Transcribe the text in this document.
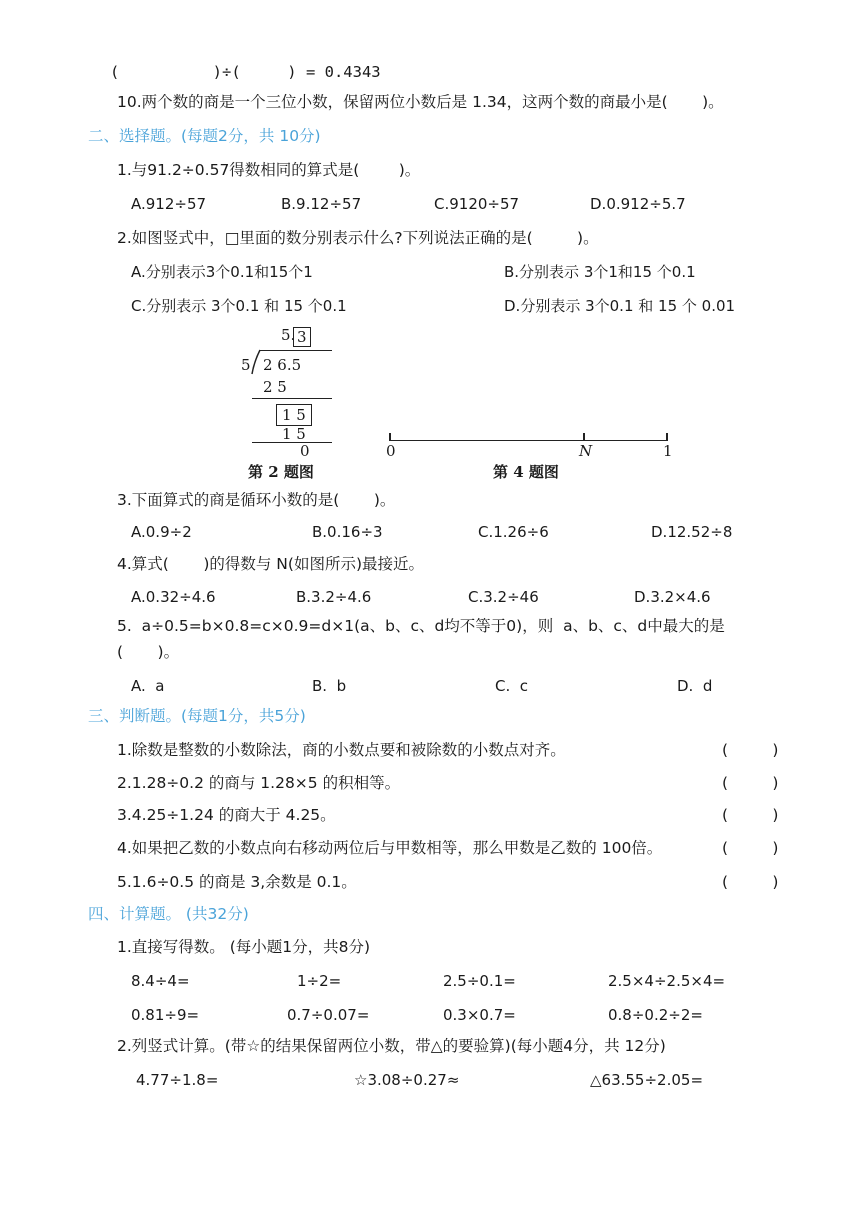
(          )÷(     ) = 0.4343
10.两个数的商是一个三位小数，保留两位小数后是 1.34，这两个数的商最小是(       )。
二、选择题。(每题2分，共 10分)
1.与91.2÷0.57得数相同的算式是(        )。
A.912÷57	B.9.12÷57	C.9120÷57	D.0.912÷5.7
2.如图竖式中，□里面的数分别表示什么?下列说法正确的是(         )。
A.分别表示3个0.1和15个1	B.分别表示 3个1和15 个0.1
C.分别表示 3个0.1 和 15 个0.1	D.分别表示 3个0.1 和 15 个 0.01
5. 3
5 2 6.5
2 5
1 5
1 5
0
第 2 题图
0	N	1
第 4 题图
3.下面算式的商是循环小数的是(       )。
A.0.9÷2	B.0.16÷3	C.1.26÷6	D.12.52÷8
4.算式(       )的得数与 N(如图所示)最接近。
A.0.32÷4.6	B.3.2÷4.6	C.3.2÷46	D.3.2×4.6
5.  a÷0.5=b×0.8=c×0.9=d×1(a、b、c、d均不等于0)，则  a、b、c、d中最大的是
(       )。
A.  a	B.  b	C.  c	D.  d
三、判断题。(每题1分，共5分)
1.除数是整数的小数除法，商的小数点要和被除数的小数点对齐。	(         )
2.1.28÷0.2 的商与 1.28×5 的积相等。	(         )
3.4.25÷1.24 的商大于 4.25。	(         )
4.如果把乙数的小数点向右移动两位后与甲数相等，那么甲数是乙数的 100倍。	(         )
5.1.6÷0.5 的商是 3,余数是 0.1。	(         )
四、计算题。 (共32分)
1.直接写得数。 (每小题1分，共8分)
8.4÷4=	1÷2=	2.5÷0.1=	2.5×4÷2.5×4=
0.81÷9=	0.7÷0.07=	0.3×0.7=	0.8÷0.2÷2=
2.列竖式计算。(带☆的结果保留两位小数，带△的要验算)(每小题4分，共 12分)
4.77÷1.8=	☆3.08÷0.27≈	△63.55÷2.05=
